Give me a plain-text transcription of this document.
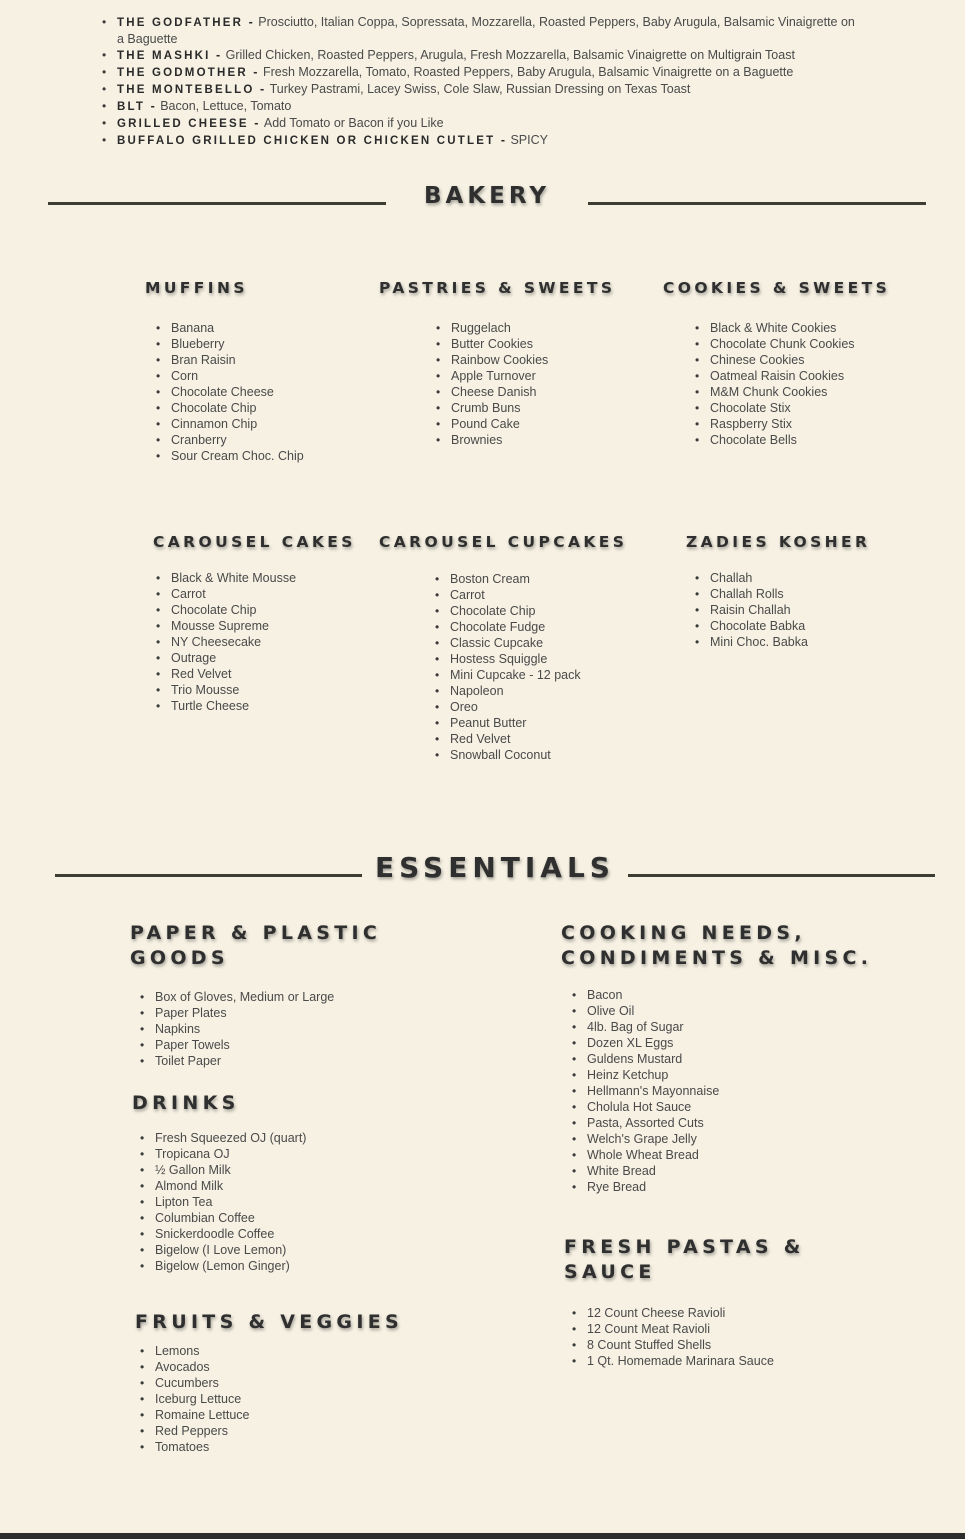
• THE GODFATHER - Prosciutto, Italian Coppa, Sopressata, Mozzarella, Roasted Peppers, Baby Arugula, Balsamic Vinaigrette on a Baguette
• THE MASHKI - Grilled Chicken, Roasted Peppers, Arugula, Fresh Mozzarella, Balsamic Vinaigrette on Multigrain Toast
• THE GODMOTHER - Fresh Mozzarella, Tomato, Roasted Peppers, Baby Arugula, Balsamic Vinaigrette on a Baguette
• THE MONTEBELLO - Turkey Pastrami, Lacey Swiss, Cole Slaw, Russian Dressing on Texas Toast
• BLT - Bacon, Lettuce, Tomato
• GRILLED CHEESE - Add Tomato or Bacon if you Like
• BUFFALO GRILLED CHICKEN OR CHICKEN CUTLET - SPICY
BAKERY
MUFFINS
• Banana
• Blueberry
• Bran Raisin
• Corn
• Chocolate Cheese
• Chocolate Chip
• Cinnamon Chip
• Cranberry
• Sour Cream Choc. Chip
PASTRIES & SWEETS
• Ruggelach
• Butter Cookies
• Rainbow Cookies
• Apple Turnover
• Cheese Danish
• Crumb Buns
• Pound Cake
• Brownies
COOKIES & SWEETS
• Black & White Cookies
• Chocolate Chunk Cookies
• Chinese Cookies
• Oatmeal Raisin Cookies
• M&M Chunk Cookies
• Chocolate Stix
• Raspberry Stix
• Chocolate Bells
CAROUSEL CAKES
• Black & White Mousse
• Carrot
• Chocolate Chip
• Mousse Supreme
• NY Cheesecake
• Outrage
• Red Velvet
• Trio Mousse
• Turtle Cheese
CAROUSEL CUPCAKES
• Boston Cream
• Carrot
• Chocolate Chip
• Chocolate Fudge
• Classic Cupcake
• Hostess Squiggle
• Mini Cupcake - 12 pack
• Napoleon
• Oreo
• Peanut Butter
• Red Velvet
• Snowball Coconut
ZADIES KOSHER
• Challah
• Challah Rolls
• Raisin Challah
• Chocolate Babka
• Mini Choc. Babka
ESSENTIALS
PAPER & PLASTIC
GOODS
• Box of Gloves, Medium or Large
• Paper Plates
• Napkins
• Paper Towels
• Toilet Paper
DRINKS
• Fresh Squeezed OJ (quart)
• Tropicana OJ
• ½ Gallon Milk
• Almond Milk
• Lipton Tea
• Columbian Coffee
• Snickerdoodle Coffee
• Bigelow (I Love Lemon)
• Bigelow (Lemon Ginger)
FRUITS & VEGGIES
• Lemons
• Avocados
• Cucumbers
• Iceburg Lettuce
• Romaine Lettuce
• Red Peppers
• Tomatoes
COOKING NEEDS,
CONDIMENTS & MISC.
• Bacon
• Olive Oil
• 4lb. Bag of Sugar
• Dozen XL Eggs
• Guldens Mustard
• Heinz Ketchup
• Hellmann's Mayonnaise
• Cholula Hot Sauce
• Pasta, Assorted Cuts
• Welch's Grape Jelly
• Whole Wheat Bread
• White Bread
• Rye Bread
FRESH PASTAS &
SAUCE
• 12 Count Cheese Ravioli
• 12 Count Meat Ravioli
• 8 Count Stuffed Shells
• 1 Qt. Homemade Marinara Sauce
